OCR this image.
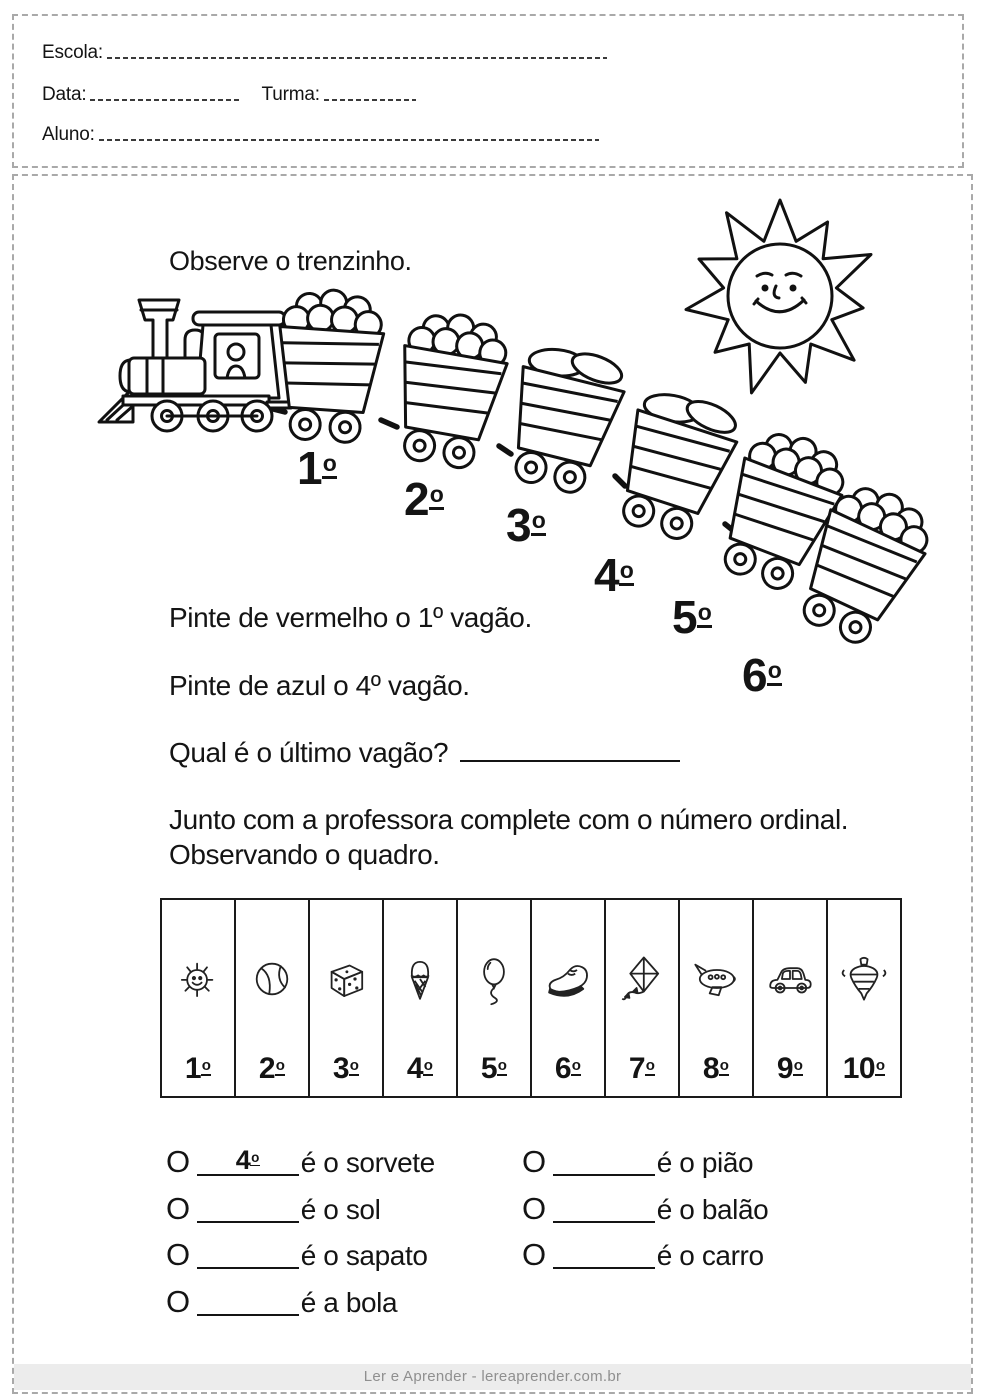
Escola:
Data:	Turma:
Aluno:
Observe o trenzinho.
1$^o$
2$^o$
3$^o$
4$^o$
5$^o$
6$^o$
Pinte de vermelho o 1º vagão.
Pinte de azul o 4º vagão.
Qual é o último vagão?
Junto com a professora complete com o número ordinal.
Observando o quadro.
1$^o$ 2$^o$ 3$^o$ 4$^o$ 5$^o$ 6$^o$ 7$^o$ 8$^o$ 9$^o$ 10$^o$
O	4$^o$	é o sorvete
O	é o sol
O	é o sapato
O	é a bola
O	é o pião
O	é o balão
O	é o carro
Ler e Aprender - lereaprender.com.br
